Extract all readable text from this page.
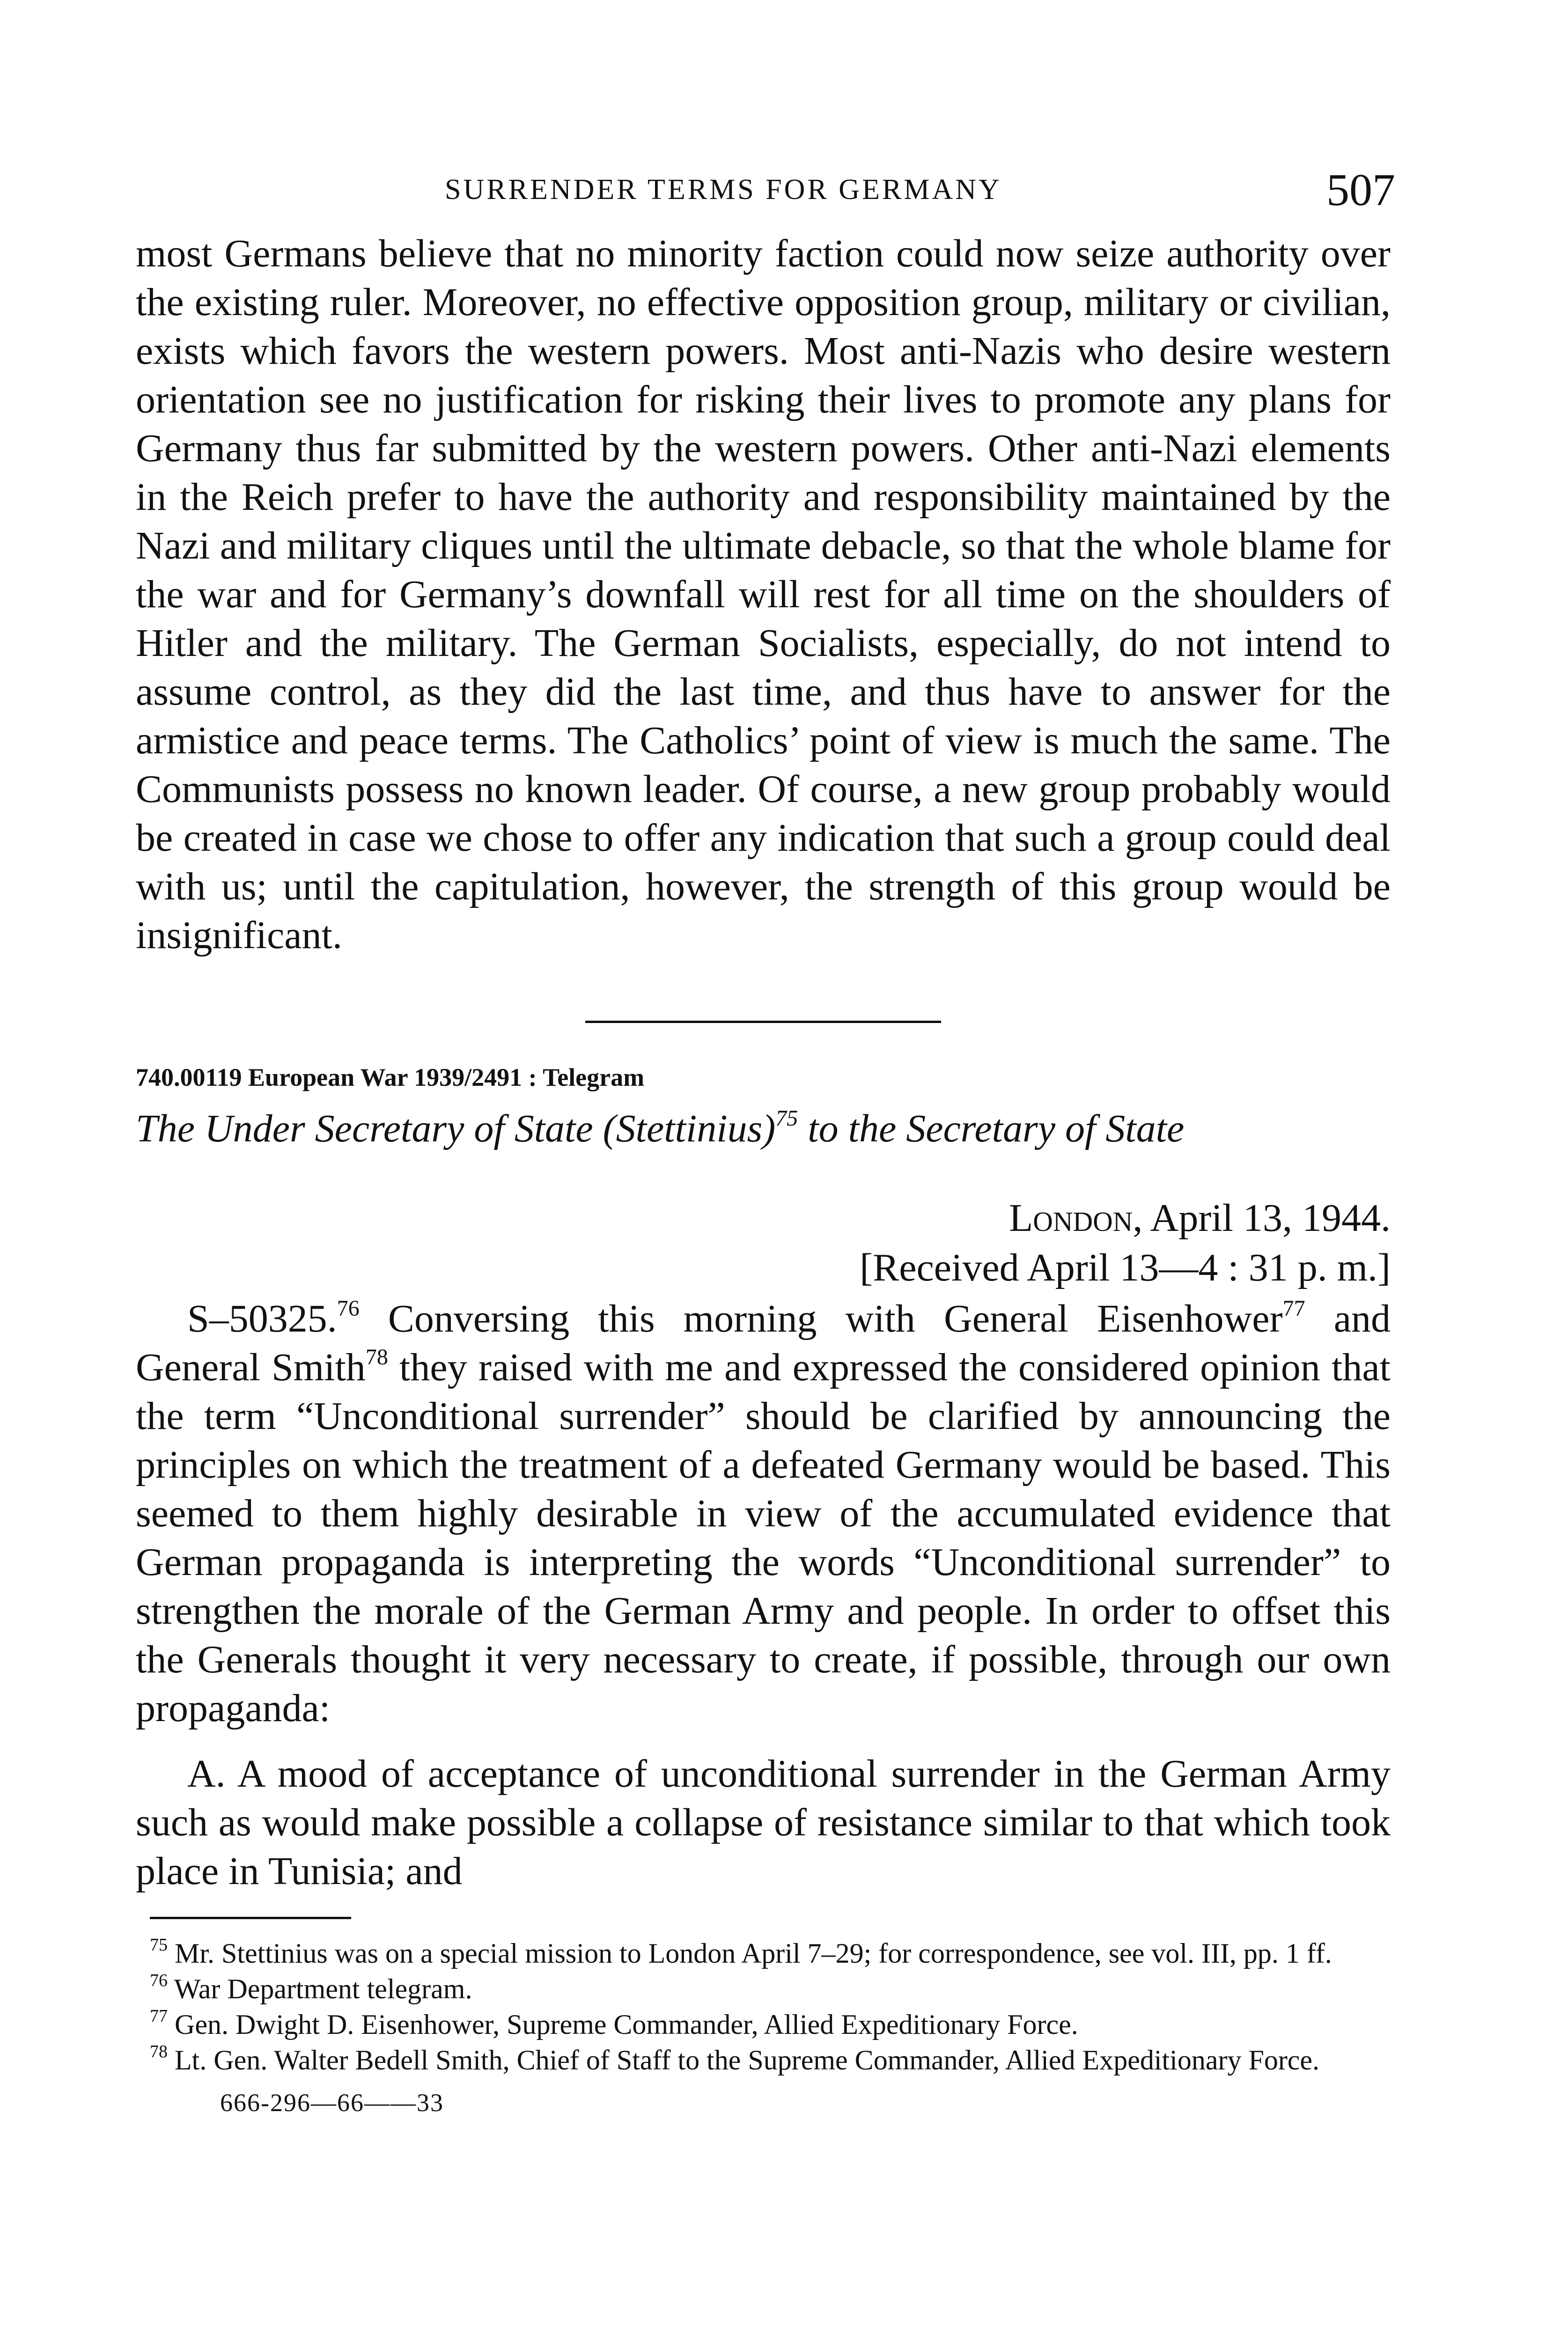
SURRENDER TERMS FOR GERMANY	507

most Germans believe that no minority faction could now seize authority over the existing ruler. Moreover, no effective opposition group, military or civilian, exists which favors the western powers. Most anti-Nazis who desire western orientation see no justification for risking their lives to promote any plans for Germany thus far submitted by the western powers. Other anti-Nazi elements in the Reich prefer to have the authority and responsibility maintained by the Nazi and military cliques until the ultimate debacle, so that the whole blame for the war and for Germany’s downfall will rest for all time on the shoulders of Hitler and the military. The German Socialists, especially, do not intend to assume control, as they did the last time, and thus have to answer for the armistice and peace terms. The Catholics’ point of view is much the same. The Communists possess no known leader. Of course, a new group probably would be created in case we chose to offer any indication that such a group could deal with us; until the capitulation, however, the strength of this group would be insignificant.

740.00119 European War 1939/2491 : Telegram

The Under Secretary of State (Stettinius)$^{75}$ to the Secretary of State

London, April 13, 1944.

[Received April 13—4 : 31 p. m.]

S–50325.76 Conversing this morning with General Eisenhower$^{77}$ and General Smith$^{78}$ they raised with me and expressed the considered opinion that the term “Unconditional surrender” should be clarified by announcing the principles on which the treatment of a defeated Germany would be based. This seemed to them highly desirable in view of the accumulated evidence that German propaganda is interpreting the words “Unconditional surrender” to strengthen the morale of the German Army and people. In order to offset this the Generals thought it very necessary to create, if possible, through our own propaganda:

A. A mood of acceptance of unconditional surrender in the German Army such as would make possible a collapse of resistance similar to that which took place in Tunisia; and

$^{75}$ Mr. Stettinius was on a special mission to London April 7–29; for correspondence, see vol. III, pp. 1 ff.

$^{76}$ War Department telegram.

$^{77}$ Gen. Dwight D. Eisenhower, Supreme Commander, Allied Expeditionary Force.

$^{78}$ Lt. Gen. Walter Bedell Smith, Chief of Staff to the Supreme Commander, Allied Expeditionary Force.

666-296—66——33
